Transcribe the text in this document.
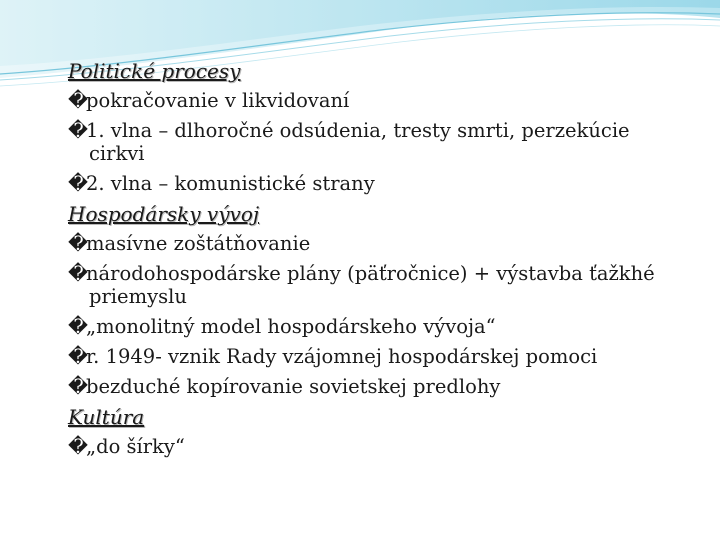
Politické procesy
�pokračovanie v likvidovaní
�1. vlna – dlhoročné odsúdenia, tresty smrti, perzekúcie
cirkvi
�2. vlna – komunistické strany
Hospodársky vývoj
�masívne zoštátňovanie
�národohospodárske plány (päťročnice) + výstavba ťažkhé
priemyslu
�„monolitný model hospodárskeho vývoja“
�r. 1949- vznik Rady vzájomnej hospodárskej pomoci
�bezduché kopírovanie sovietskej predlohy
Kultúra
�„do šírky“
